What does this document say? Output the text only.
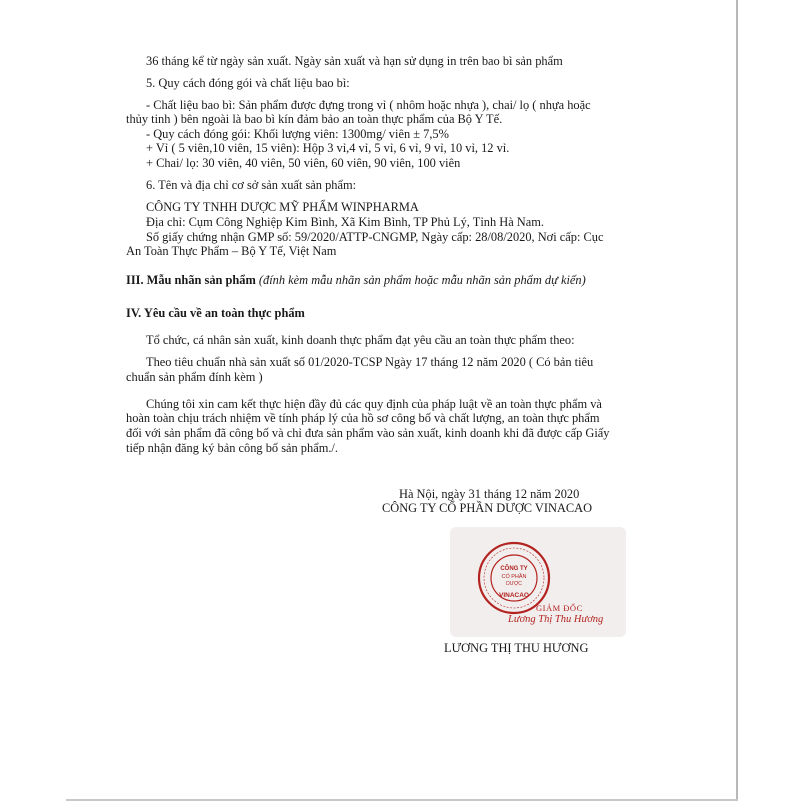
36 tháng kể từ ngày sản xuất. Ngày sản xuất và hạn sử dụng in trên bao bì sản phẩm
5. Quy cách đóng gói và chất liệu bao bì:
- Chất liệu bao bì: Sản phẩm được đựng trong vỉ ( nhôm hoặc nhựa ), chai/ lọ ( nhựa hoặc
thủy tinh ) bên ngoài là bao bì kín đảm bảo an toàn thực phẩm của Bộ Y Tế.
- Quy cách đóng gói: Khối lượng viên: 1300mg/ viên ± 7,5%
+ Vỉ ( 5 viên,10 viên, 15 viên): Hộp 3 vỉ,4 vỉ, 5 vỉ, 6 vỉ, 9 vỉ, 10 vỉ, 12 vỉ.
+ Chai/ lọ: 30 viên, 40 viên, 50 viên, 60 viên, 90 viên, 100 viên
6. Tên và địa chỉ cơ sở sản xuất sản phẩm:
CÔNG TY TNHH DƯỢC MỸ PHẨM WINPHARMA
Địa chỉ: Cụm Công Nghiệp Kim Bình, Xã Kim Bình, TP Phủ Lý, Tỉnh Hà Nam.
Số giấy chứng nhận GMP số: 59/2020/ATTP-CNGMP, Ngày cấp: 28/08/2020, Nơi cấp: Cục
An Toàn Thực Phẩm – Bộ Y Tế, Việt Nam
III. Mẫu nhãn sản phẩm (đính kèm mẫu nhãn sản phẩm hoặc mẫu nhãn sản phẩm dự kiến)
IV. Yêu cầu về an toàn thực phẩm
Tổ chức, cá nhân sản xuất, kinh doanh thực phẩm đạt yêu cầu an toàn thực phẩm theo:
Theo tiêu chuẩn nhà sản xuất số 01/2020-TCSP Ngày 17 tháng 12 năm 2020 ( Có bản tiêu
chuẩn sản phẩm đính kèm )
Chúng tôi xin cam kết thực hiện đầy đủ các quy định của pháp luật về an toàn thực phẩm và
hoàn toàn chịu trách nhiệm về tính pháp lý của hồ sơ công bố và chất lượng, an toàn thực phẩm
đối với sản phẩm đã công bố và chỉ đưa sản phẩm vào sản xuất, kinh doanh khi đã được cấp Giấy
tiếp nhận đăng ký bản công bố sản phẩm./.
Hà Nội, ngày 31 tháng 12 năm 2020
CÔNG TY CỔ PHẦN DƯỢC VINACAO
CÔNG TY
CỔ PHẦN
DƯỢC
VINACAO
GIÁM ĐỐC
Lương Thị Thu Hương
LƯƠNG THỊ THU HƯƠNG
